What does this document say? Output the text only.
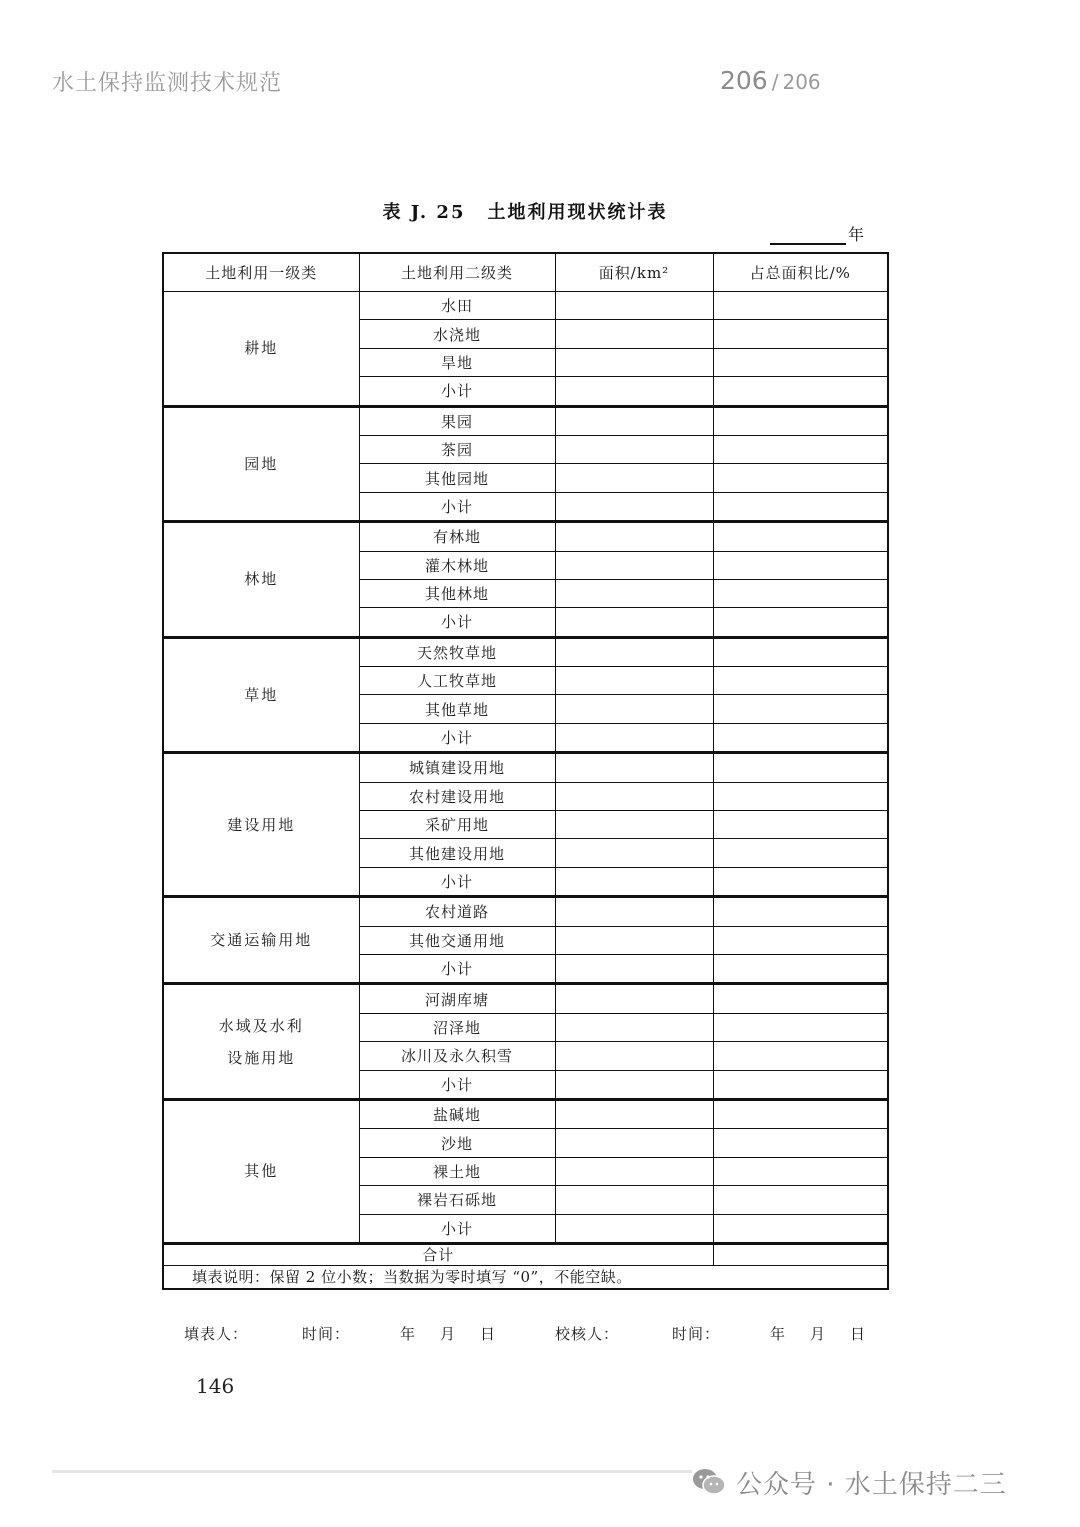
水土保持监测技术规范	206 / 206
表 J. 25 土地利用现状统计表
年
土地利用一级类	土地利用二级类	面积/km²	占总面积比/%

耕地	水田		
	水浇地		
	旱地		
	小计		

园地	果园		
	茶园		
	其他园地		
	小计		

林地	有林地		
	灌木林地		
	其他林地		
	小计		

草地	天然牧草地		
	人工牧草地		
	其他草地		
	小计		

建设用地	城镇建设用地		
	农村建设用地		
	采矿用地		
	其他建设用地		
	小计		

交通运输用地	农村道路		
	其他交通用地		
	小计		

水域及水利
设施用地	河湖库塘		
	沼泽地		
	冰川及永久积雪		
	小计		

其他	盐碱地		
	沙地		
	裸土地		
	裸岩石砾地		
	小计		
合计			
填表说明：保留 2 位小数；当数据为零时填写 “0”，不能空缺。			
填表人：	时间：	年 月 日	校核人：	时间：	年 月 日
146
公众号 · 水土保持二三
